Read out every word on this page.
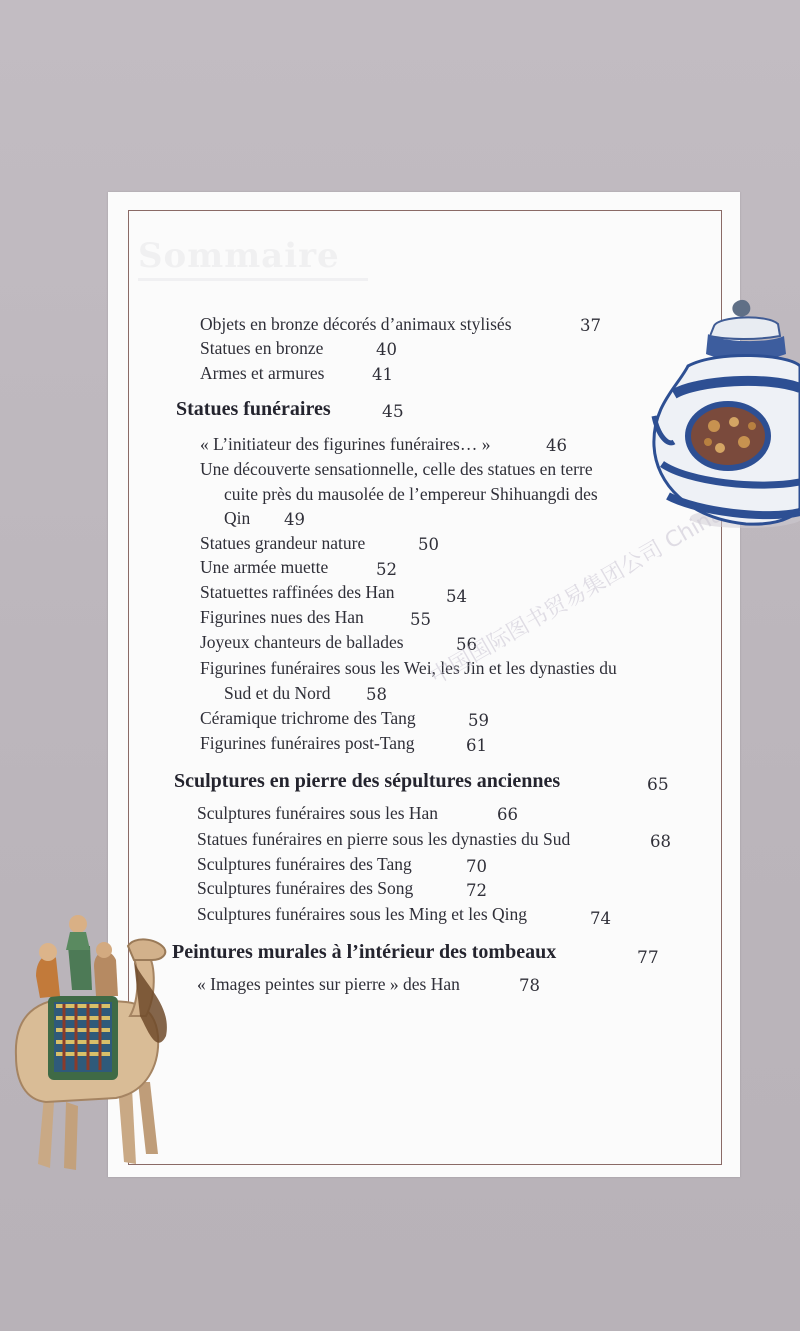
Sommaire
Objets en bronze décorés d’animaux stylisés	37
Statues en bronze	40
Armes et armures	41
Statues funéraires	45
« L’initiateur des figurines funéraires… »	46
Une découverte sensationnelle, celle des statues en terre
cuite près du mausolée de l’empereur Shihuangdi des
Qin 49
Statues grandeur nature	50
Une armée muette	52
Statuettes raffinées des Han	54
Figurines nues des Han	55
Joyeux chanteurs de ballades	56
Figurines funéraires sous les Wei, les Jin et les dynasties du
Sud et du Nord 58
Céramique trichrome des Tang	59
Figurines funéraires post-Tang	61
Sculptures en pierre des sépultures anciennes	65
Sculptures funéraires sous les Han	66
Statues funéraires en pierre sous les dynasties du Sud	68
Sculptures funéraires des Tang	70
Sculptures funéraires des Song	72
Sculptures funéraires sous les Ming et les Qing	74
Peintures murales à l’intérieur des tombeaux	77
« Images peintes sur pierre » des Han	78
中国国际图书贸易集团公司 China
